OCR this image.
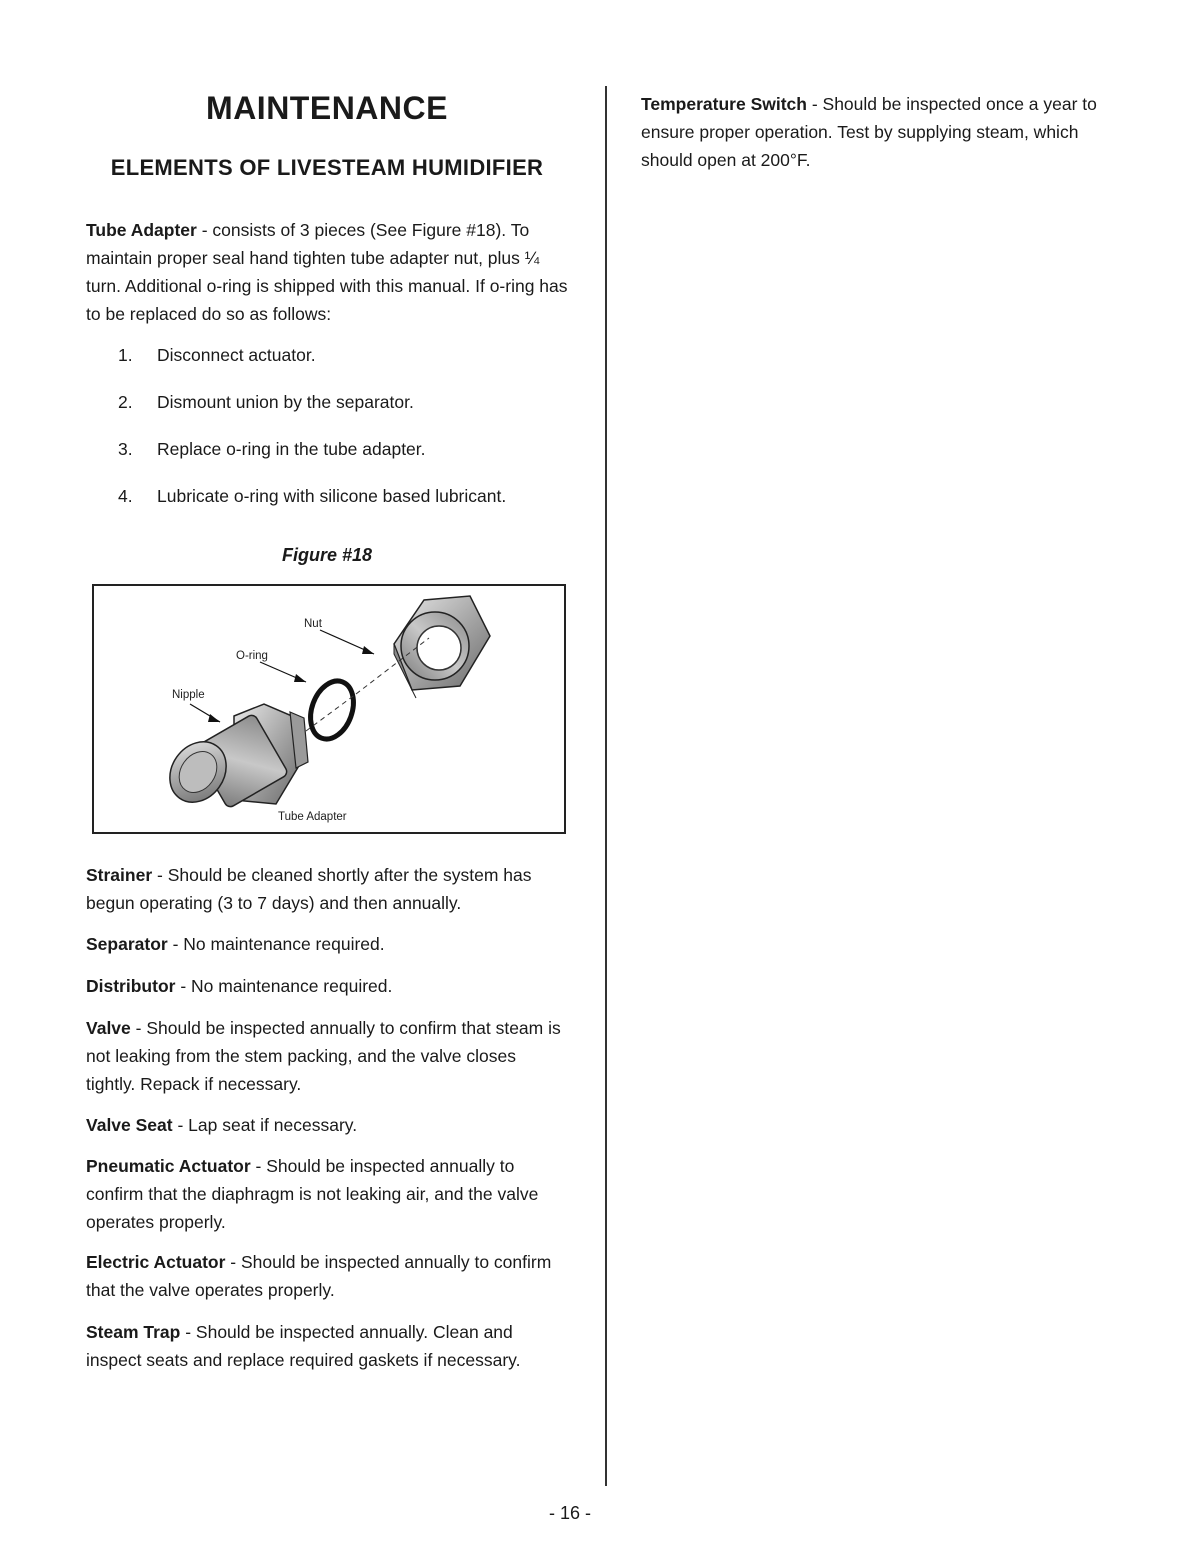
MAINTENANCE
ELEMENTS OF LIVESTEAM HUMIDIFIER

Tube Adapter - consists of 3 pieces (See Figure #18). To maintain proper seal hand tighten tube adapter nut, plus ¼ turn. Additional o-ring is shipped with this manual. If o-ring has to be replaced do so as follows:

1.	Disconnect actuator.
2.	Dismount union by the separator.
3.	Replace o-ring in the tube adapter.
4.	Lubricate o-ring with silicone based lubricant.

Figure #18

Nut
O-ring
Nipple
Tube Adapter

Strainer - Should be cleaned shortly after the system has begun operating (3 to 7 days) and then annually.

Separator - No maintenance required.

Distributor - No maintenance required.

Valve - Should be inspected annually to confirm that steam is not leaking from the stem packing, and the valve closes tightly. Repack if necessary.

Valve Seat - Lap seat if necessary.

Pneumatic Actuator - Should be inspected annually to confirm that the diaphragm is not leaking air, and the valve operates properly.

Electric Actuator - Should be inspected annually to confirm that the valve operates properly.

Steam Trap - Should be inspected annually. Clean and inspect seats and replace required gaskets if necessary.

Temperature Switch - Should be inspected once a year to ensure proper operation. Test by supplying steam, which should open at 200°F.

- 16 -
